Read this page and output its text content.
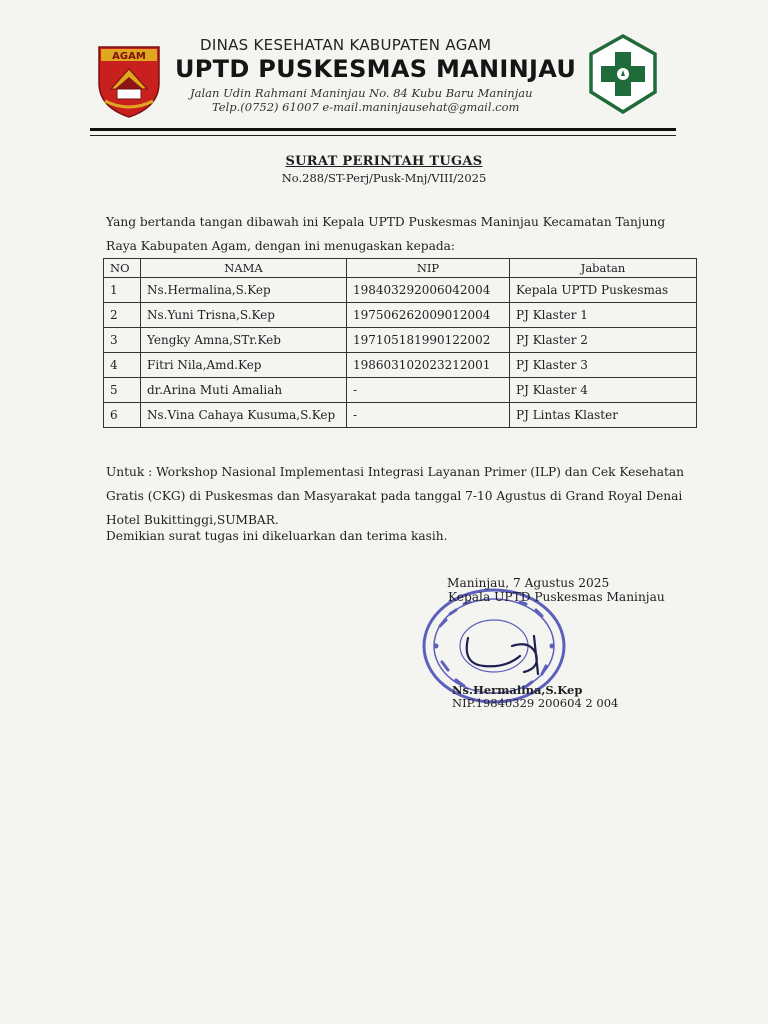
AGAM
DINAS KESEHATAN KABUPATEN AGAM
UPTD PUSKESMAS MANINJAU
Jalan Udin Rahmani Maninjau No. 84 Kubu Baru Maninjau
Telp.(0752) 61007 e-mail.maninjausehat@gmail.com
SURAT PERINTAH TUGAS
No.288/ST-Perj/Pusk-Mnj/VIII/2025
Yang bertanda tangan dibawah ini Kepala UPTD Puskesmas Maninjau Kecamatan Tanjung
Raya Kabupaten Agam, dengan ini menugaskan kepada:
NO	NAMA	NIP	Jabatan
1	Ns.Hermalina,S.Kep	198403292006042004	Kepala UPTD Puskesmas
2	Ns.Yuni Trisna,S.Kep	197506262009012004	PJ Klaster 1
3	Yengky Amna,STr.Keb	197105181990122002	PJ Klaster 2
4	Fitri Nila,Amd.Kep	198603102023212001	PJ Klaster 3
5	dr.Arina Muti Amaliah	-	PJ Klaster 4
6	Ns.Vina Cahaya Kusuma,S.Kep	-	PJ Lintas Klaster
Untuk : Workshop Nasional Implementasi Integrasi Layanan Primer (ILP) dan Cek Kesehatan
Gratis (CKG) di Puskesmas dan Masyarakat pada tanggal 7-10 Agustus di Grand Royal Denai
Hotel Bukittinggi,SUMBAR.
Demikian surat tugas ini dikeluarkan dan terima kasih.
Maninjau, 7 Agustus 2025
Kepala UPTD Puskesmas Maninjau
Ns.Hermalina,S.Kep
NIP.19840329 200604 2 004
